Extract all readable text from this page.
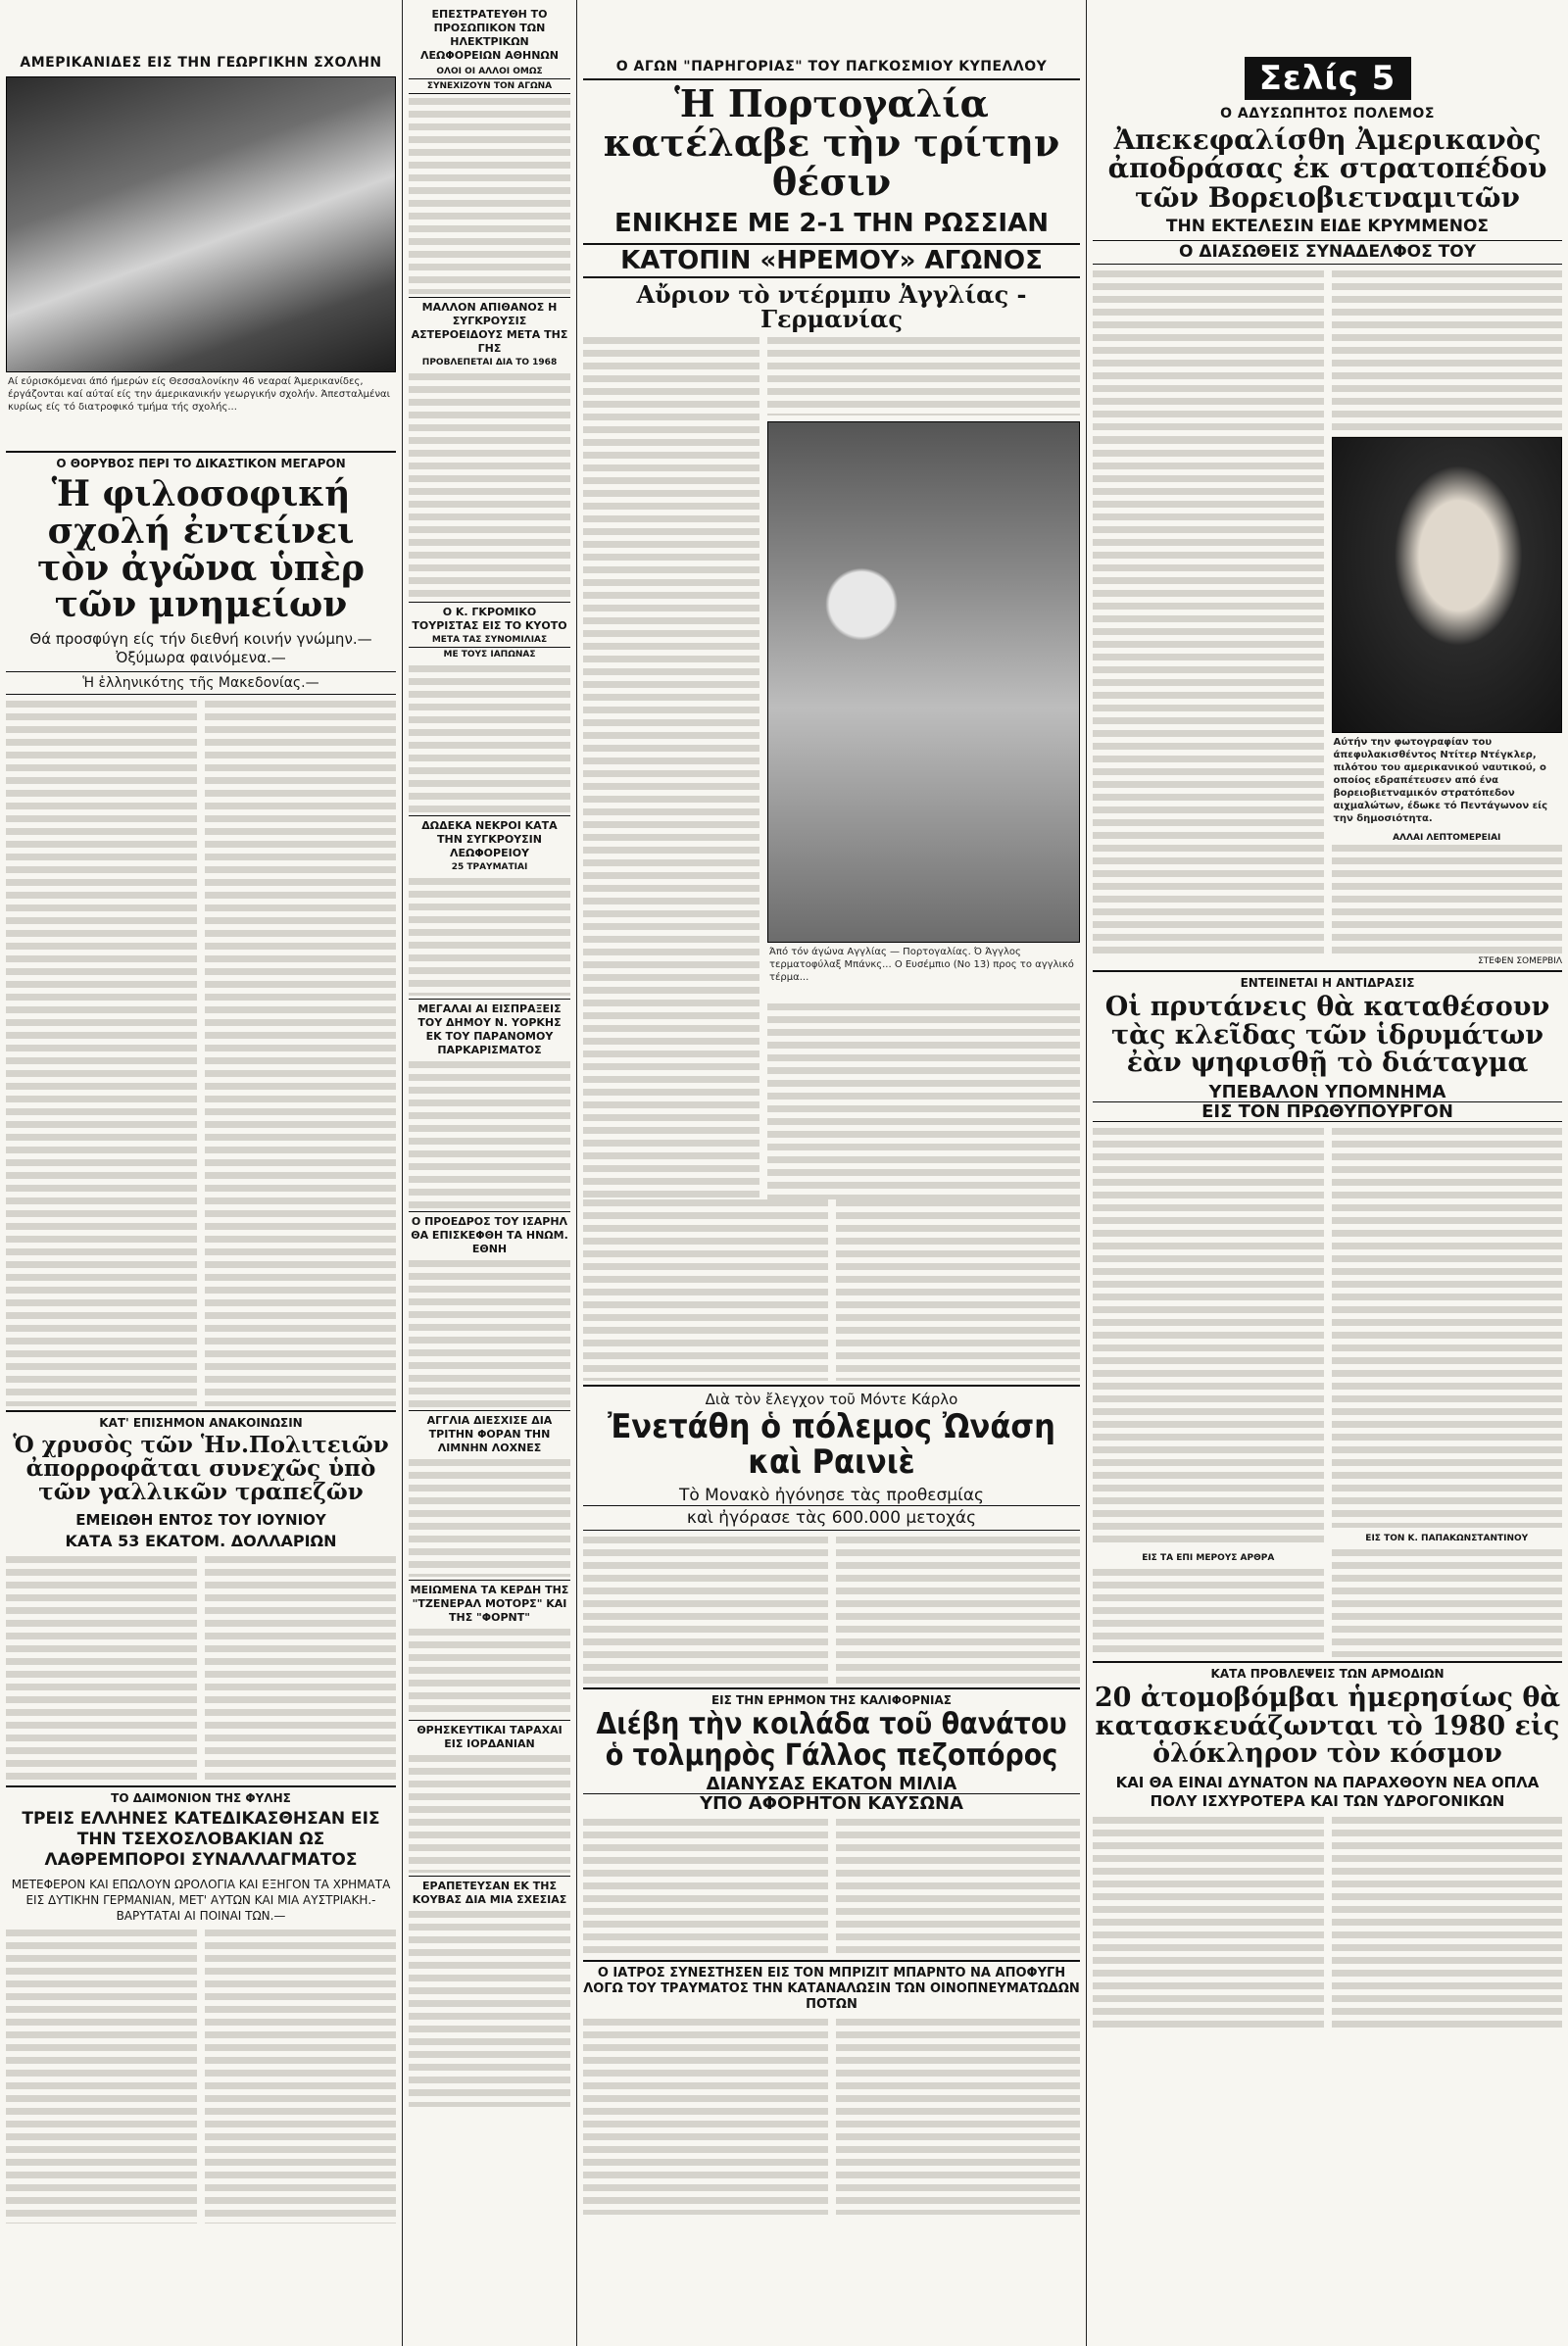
ΑΜΕΡΙΚΑΝΙΔΕΣ ΕΙΣ ΤΗΝ ΓΕΩΡΓΙΚΗΝ ΣΧΟΛΗΝ
Αί εύρισκόμεναι άπό ήμερών είς Θεσσαλονίκην 46 νεαραί Άμερικανίδες, έργάζονται καί αύταί είς την άμερικανικήν γεωργικήν σχολήν. Άπεσταλμέναι κυρίως είς τό διατροφικό τμήμα τής σχολής...
Ο ΘΟΡΥΒΟΣ ΠΕΡΙ ΤΟ ΔΙΚΑΣΤΙΚΟΝ ΜΕΓΑΡΟΝ
Ἡ φιλοσοφική σχολή ἐντείνει τὸν ἀγῶνα ὑπὲρ τῶν μνημείων
Θά προσφύγη είς τήν διεθνή κοινήν γνώμην.— Ὀξύμωρα φαινόμενα.—
Ἡ ἑλληνικότης τῆς Μακεδονίας.—
ΚΑΤ' ΕΠΙΣΗΜΟΝ ΑΝΑΚΟΙΝΩΣΙΝ
Ὁ χρυσὸς τῶν Ἡν.Πολιτειῶν ἀπορροφᾶται συνεχῶς ὑπὸ τῶν γαλλικῶν τραπεζῶν
ΕΜΕΙΩΘΗ ΕΝΤΟΣ ΤΟΥ ΙΟΥΝΙΟΥ
ΚΑΤΑ 53 ΕΚΑΤΟΜ. ΔΟΛΛΑΡΙΩΝ
ΤΟ ΔΑΙΜΟΝΙΟΝ ΤΗΣ ΦΥΛΗΣ
ΤΡΕΙΣ ΕΛΛΗΝΕΣ ΚΑΤΕΔΙΚΑΣΘΗΣΑΝ ΕΙΣ ΤΗΝ ΤΣΕΧΟΣΛΟΒΑΚΙΑΝ ΩΣ ΛΑΘΡΕΜΠΟΡΟΙ ΣΥΝΑΛΛΑΓΜΑΤΟΣ
ΜΕΤΕΦΕΡΟΝ ΚΑΙ ΕΠΩΛΟΥΝ ΩΡΟΛΟΓΙΑ ΚΑΙ ΕΞΗΓΟΝ ΤΑ ΧΡΗΜΑΤΑ ΕΙΣ ΔΥΤΙΚΗΝ ΓΕΡΜΑΝΙΑΝ, ΜΕΤ' ΑΥΤΩΝ ΚΑΙ ΜΙΑ ΑΥΣΤΡΙΑΚΗ.- ΒΑΡΥΤΑΤΑΙ ΑΙ ΠΟΙΝΑΙ ΤΩΝ.—
ΕΠΕΣΤΡΑΤΕΥΘΗ ΤΟ ΠΡΟΣΩΠΙΚΟΝ ΤΩΝ ΗΛΕΚΤΡΙΚΩΝ ΛΕΩΦΟΡΕΙΩΝ ΑΘΗΝΩΝ
ΟΛΟΙ ΟΙ ΑΛΛΟΙ ΟΜΩΣ
ΣΥΝΕΧΙΖΟΥΝ ΤΟΝ ΑΓΩΝΑ
ΜΑΛΛΟΝ ΑΠΙΘΑΝΟΣ Η ΣΥΓΚΡΟΥΣΙΣ ΑΣΤΕΡΟΕΙΔΟΥΣ ΜΕΤΑ ΤΗΣ ΓΗΣ
ΠΡΟΒΛΕΠΕΤΑΙ ΔΙΑ ΤΟ 1968
Ο Κ. ΓΚΡΟΜΙΚΟ ΤΟΥΡΙΣΤΑΣ ΕΙΣ ΤΟ ΚΥΟΤΟ
ΜΕΤΑ ΤΑΣ ΣΥΝΟΜΙΛΙΑΣ
ΜΕ ΤΟΥΣ ΙΑΠΩΝΑΣ
ΔΩΔΕΚΑ ΝΕΚΡΟΙ ΚΑΤΑ ΤΗΝ ΣΥΓΚΡΟΥΣΙΝ ΛΕΩΦΟΡΕΙΟΥ
25 ΤΡΑΥΜΑΤΙΑΙ
ΜΕΓΑΛΑΙ ΑΙ ΕΙΣΠΡΑΞΕΙΣ ΤΟΥ ΔΗΜΟΥ Ν. ΥΟΡΚΗΣ ΕΚ ΤΟΥ ΠΑΡΑΝΟΜΟΥ ΠΑΡΚΑΡΙΣΜΑΤΟΣ
Ο ΠΡΟΕΔΡΟΣ ΤΟΥ ΙΣΑΡΗΛ ΘΑ ΕΠΙΣΚΕΦΘΗ ΤΑ ΗΝΩΜ. ΕΘΝΗ
ΑΓΓΛΙΑ ΔΙΕΣΧΙΣΕ ΔΙΑ ΤΡΙΤΗΝ ΦΟΡΑΝ ΤΗΝ ΛΙΜΝΗΝ ΛΟΧΝΕΣ
ΜΕΙΩΜΕΝΑ ΤΑ ΚΕΡΔΗ ΤΗΣ "ΤΖΕΝΕΡΑΛ ΜΟΤΟΡΣ" ΚΑΙ ΤΗΣ "ΦΟΡΝΤ"
ΘΡΗΣΚΕΥΤΙΚΑΙ ΤΑΡΑΧΑΙ ΕΙΣ ΙΟΡΔΑΝΙΑΝ
ΕΡΑΠΕΤΕΥΣΑΝ ΕΚ ΤΗΣ ΚΟΥΒΑΣ ΔΙΑ ΜΙΑ ΣΧΕΣΙΑΣ
Ο ΑΓΩΝ "ΠΑΡΗΓΟΡΙΑΣ" ΤΟΥ ΠΑΓΚΟΣΜΙΟΥ ΚΥΠΕΛΛΟΥ
Ἡ Πορτογαλία κατέλαβε τὴν τρίτην θέσιν
ΕΝΙΚΗΣΕ ΜΕ 2-1 ΤΗΝ ΡΩΣΣΙΑΝ
ΚΑΤΟΠΙΝ «ΗΡΕΜΟΥ» ΑΓΩΝΟΣ
Αὔριον τὸ ντέρμπυ Ἀγγλίας - Γερμανίας
Άπό τόν άγώνα Αγγλίας — Πορτογαλίας. Ό Άγγλος τερματοφύλαξ Μπάνκς... Ο Ευσέμπιο (Νο 13) προς το αγγλικό τέρμα...
Διὰ τὸν ἔλεγχον τοῦ Μόντε Κάρλο
Ἐνετάθη ὁ πόλεμος Ὠνάση καὶ Ραινιὲ
Τὸ Μονακὸ ἠγόνησε τὰς προθεσμίας
καὶ ἠγόρασε τὰς 600.000 μετοχάς
ΕΙΣ ΤΗΝ ΕΡΗΜΟΝ ΤΗΣ ΚΑΛΙΦΟΡΝΙΑΣ
Διέβη τὴν κοιλάδα τοῦ θανάτου ὁ τολμηρὸς Γάλλος πεζοπόρος
ΔΙΑΝΥΣΑΣ ΕΚΑΤΟΝ ΜΙΛΙΑ
ΥΠΟ ΑΦΟΡΗΤΟΝ ΚΑΥΣΩΝΑ
Ο ΙΑΤΡΟΣ ΣΥΝΕΣΤΗΣΕΝ ΕΙΣ ΤΟΝ ΜΠΡΙΖΙΤ ΜΠΑΡΝΤΟ ΝΑ ΑΠΟΦΥΓΗ ΛΟΓΩ ΤΟΥ ΤΡΑΥΜΑΤΟΣ ΤΗΝ ΚΑΤΑΝΑΛΩΣΙΝ ΤΩΝ ΟΙΝΟΠΝΕΥΜΑΤΩΔΩΝ ΠΟΤΩΝ
Σελίς 5
Ο ΑΔΥΣΩΠΗΤΟΣ ΠΟΛΕΜΟΣ
Ἀπεκεφαλίσθη Ἀμερικανὸς ἀποδράσας ἐκ στρατοπέδου τῶν Βορειοβιετναμιτῶν
ΤΗΝ ΕΚΤΕΛΕΣΙΝ ΕΙΔΕ ΚΡΥΜΜΕΝΟΣ
Ο ΔΙΑΣΩΘΕΙΣ ΣΥΝΑΔΕΛΦΟΣ ΤΟΥ
Αύτήν την φωτογραφίαν του άπεφυλακισθέντος Ντίτερ Ντέγκλερ, πιλότου του αμερικανικού ναυτικού, ο οποίος εδραπέτευσεν από ένα βορειοβιετναμικόν στρατόπεδον αιχμαλώτων, έδωκε τό Πεντάγωνον είς την δημοσιότητα.
ΑΛΛΑΙ ΛΕΠΤΟΜΕΡΕΙΑΙ
ΣΤΕΦΕΝ ΣΟΜΕΡΒΙΛ
ΕΝΤΕΙΝΕΤΑΙ Η ΑΝΤΙΔΡΑΣΙΣ
Οἱ πρυτάνεις θὰ καταθέσουν τὰς κλεῖδας τῶν ἱδρυμάτων ἐὰν ψηφισθῇ τὸ διάταγμα
ΥΠΕΒΑΛΟΝ ΥΠΟΜΝΗΜΑ
ΕΙΣ ΤΟΝ ΠΡΩΘΥΠΟΥΡΓΟΝ
ΕΙΣ ΤΑ ΕΠΙ ΜΕΡΟΥΣ ΑΡΘΡΑ
ΕΙΣ ΤΟΝ Κ. ΠΑΠΑΚΩΝΣΤΑΝΤΙΝΟΥ
ΚΑΤΑ ΠΡΟΒΛΕΨΕΙΣ ΤΩΝ ΑΡΜΟΔΙΩΝ
20 ἀτομοβόμβαι ἡμερησίως θὰ κατασκευάζωνται τὸ 1980 εἰς ὁλόκληρον τὸν κόσμον
ΚΑΙ ΘΑ ΕΙΝΑΙ ΔΥΝΑΤΟΝ ΝΑ ΠΑΡΑΧΘΟΥΝ ΝΕΑ ΟΠΛΑ ΠΟΛΥ ΙΣΧΥΡΟΤΕΡΑ ΚΑΙ ΤΩΝ ΥΔΡΟΓΟΝΙΚΩΝ
